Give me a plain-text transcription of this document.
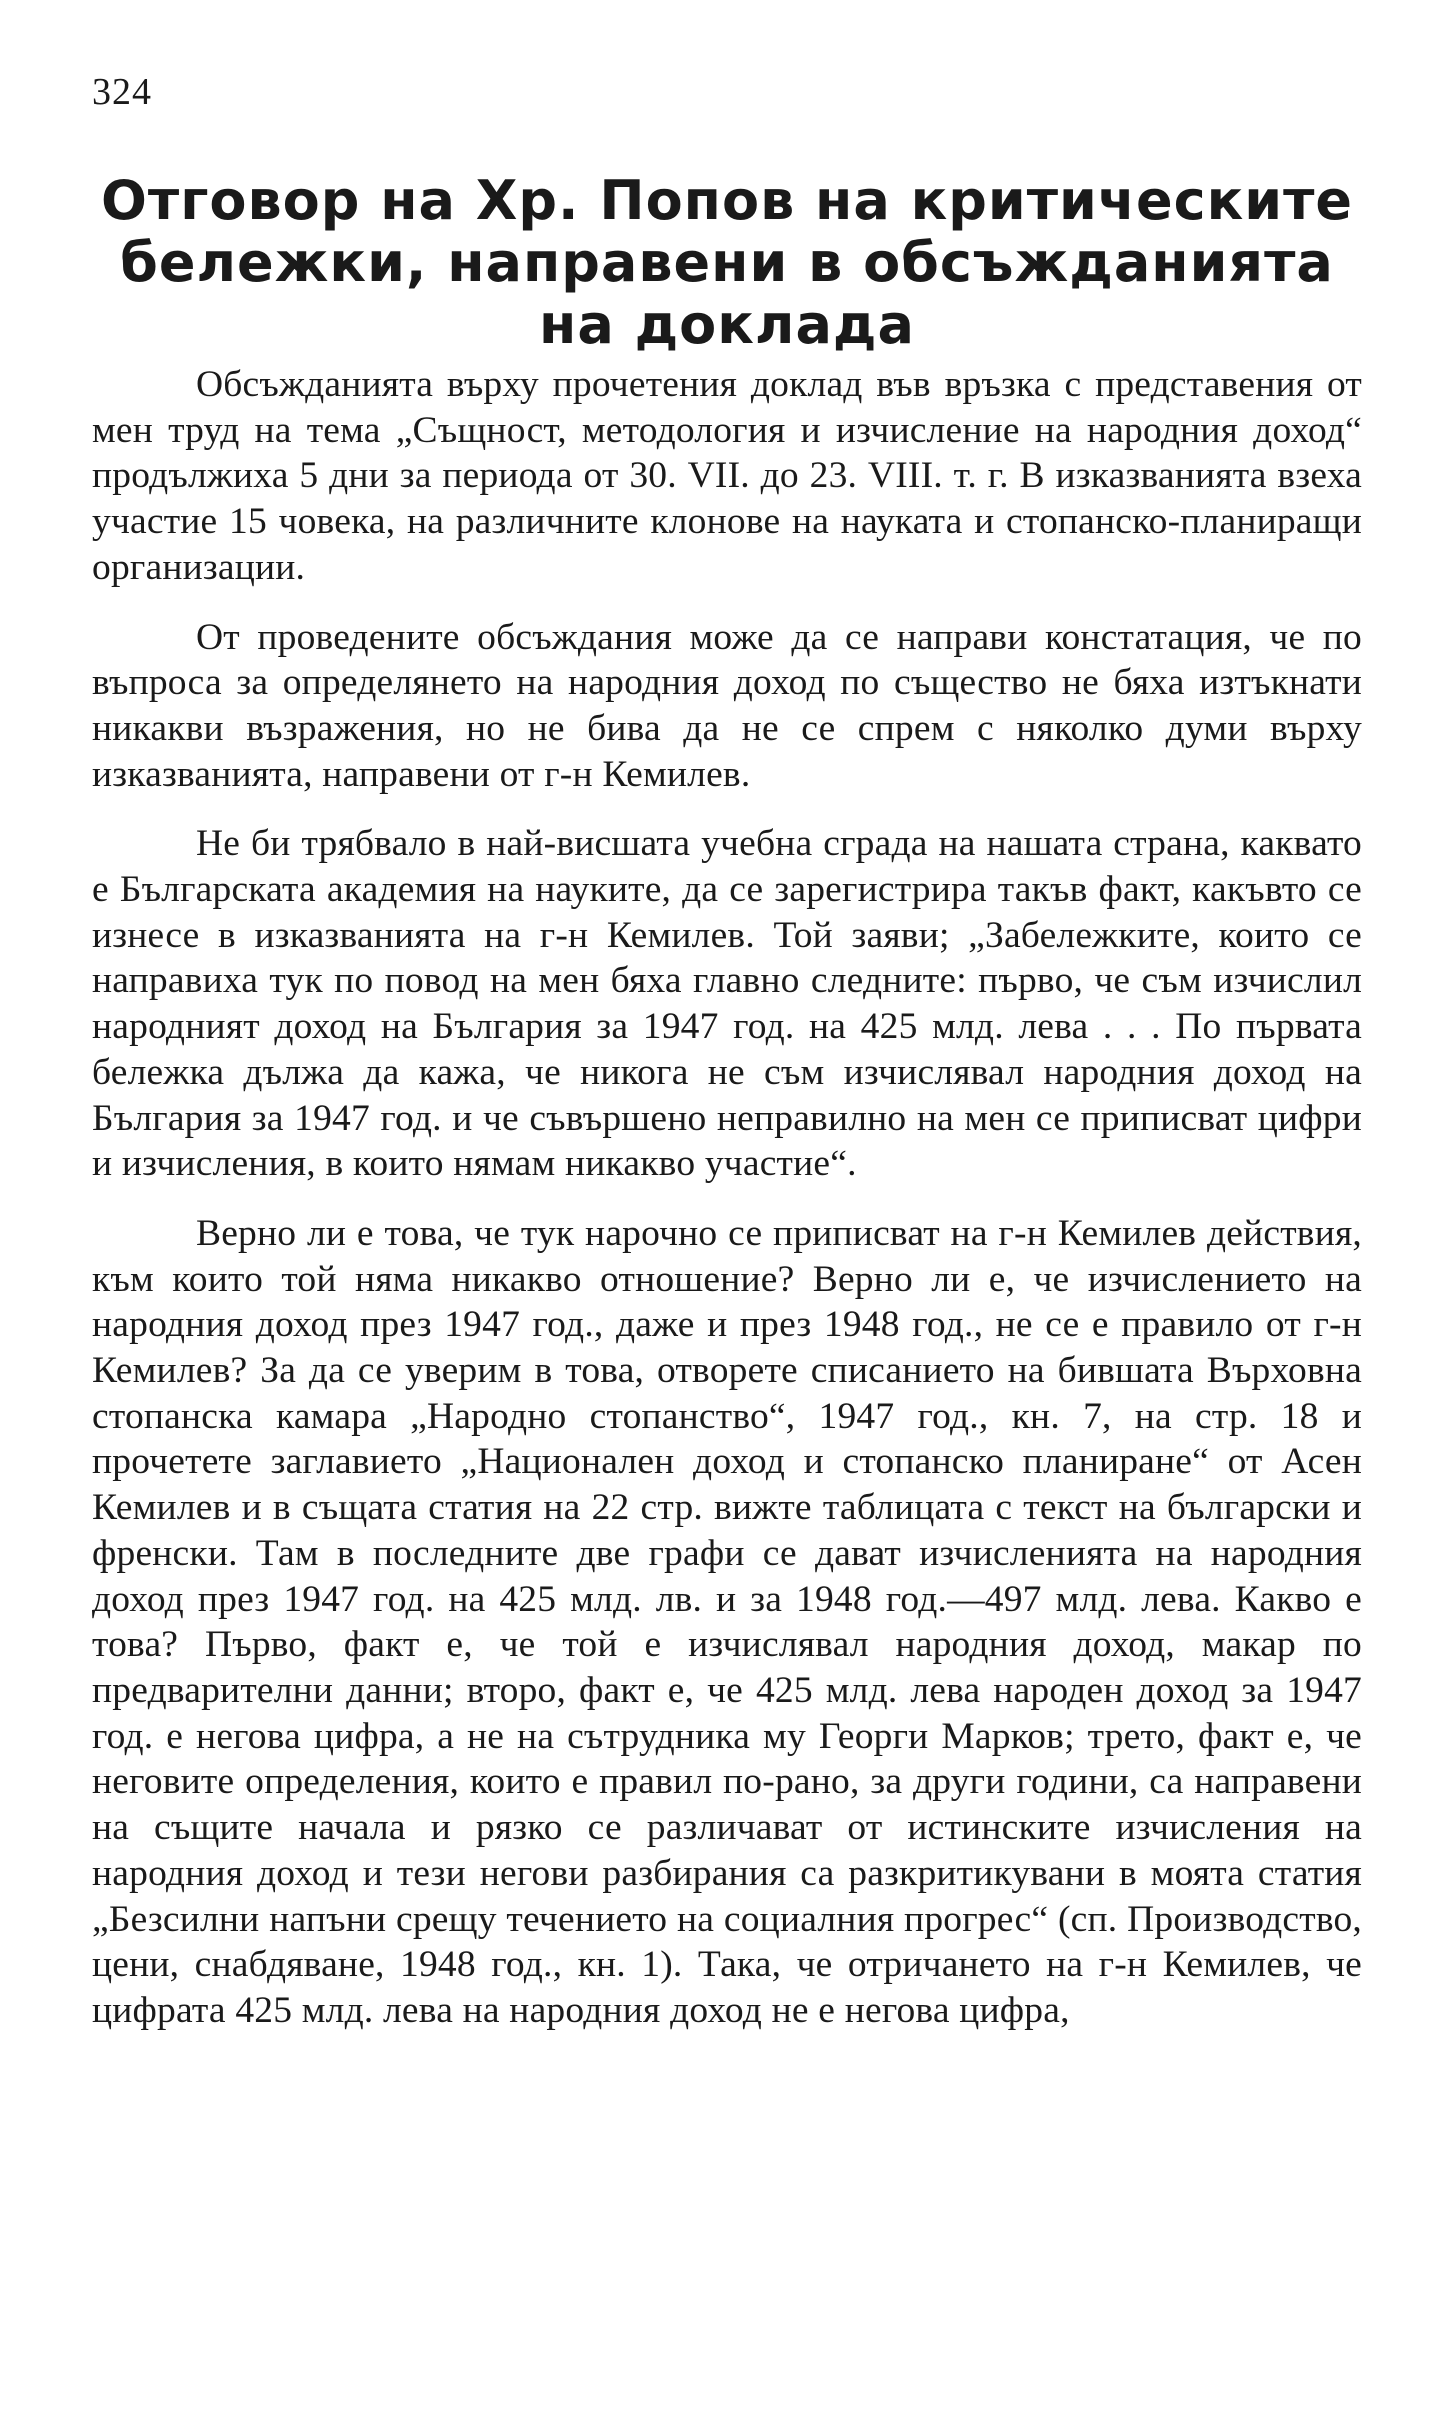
324
Отговор на Хр. Попов на критическите бележки, направени в обсъжданията на доклада

Обсъжданията върху прочетения доклад във връзка с представения от мен труд на тема „Същност, методология и изчисление на народния доход“ продължиха 5 дни за периода от 30. VII. до 23. VIII. т. г. В изказванията взеха участие 15 човека, на различните клонове на науката и стопанско-планиращи организации.

От проведените обсъждания може да се направи констатация, че по въпроса за определянето на народния доход по същество не бяха изтъкнати никакви възражения, но не бива да не се спрем с няколко думи върху изказванията, направени от г-н Кемилев.

Не би трябвало в най-висшата учебна сграда на нашата страна, каквато е Българската академия на науките, да се зарегистрира такъв факт, какъвто се изнесе в изказванията на г-н Кемилев. Той заяви; „Забележките, които се направиха тук по повод на мен бяха главно следните: първо, че съм изчислил народният доход на България за 1947 год. на 425 млд. лева . . . По първата бележка дължа да кажа, че никога не съм изчислявал народния доход на България за 1947 год. и че съвършено неправилно на мен се приписват цифри и изчисления, в които нямам никакво участие“.

Верно ли е това, че тук нарочно се приписват на г-н Кемилев действия, към които той няма никакво отношение? Верно ли е, че изчислението на народния доход през 1947 год., даже и през 1948 год., не се е правило от г-н Кемилев? За да се уверим в това, отворете списанието на бившата Върховна стопанска камара „Народно стопанство“, 1947 год., кн. 7, на стр. 18 и прочетете заглавието „Национален доход и стопанско планиране“ от Асен Кемилев и в същата статия на 22 стр. вижте таблицата с текст на български и френски. Там в последните две графи се дават изчисленията на народния доход през 1947 год. на 425 млд. лв. и за 1948 год.—497 млд. лева. Какво е това? Първо, факт е, че той е изчислявал народния доход, макар по предварителни данни; второ, факт е, че 425 млд. лева народен доход за 1947 год. е негова цифра, а не на сътрудника му Георги Марков; трето, факт е, че неговите определения, които е правил по-рано, за други години, са направени на същите начала и рязко се различават от истинските изчисления на народния доход и тези негови разбирания са разкритикувани в моята статия „Безсилни напъни срещу течението на социалния прогрес“ (сп. Производство, цени, снабдяване, 1948 год., кн. 1). Така, че отричането на г-н Кемилев, че цифрата 425 млд. лева на народния доход не е негова цифра,
